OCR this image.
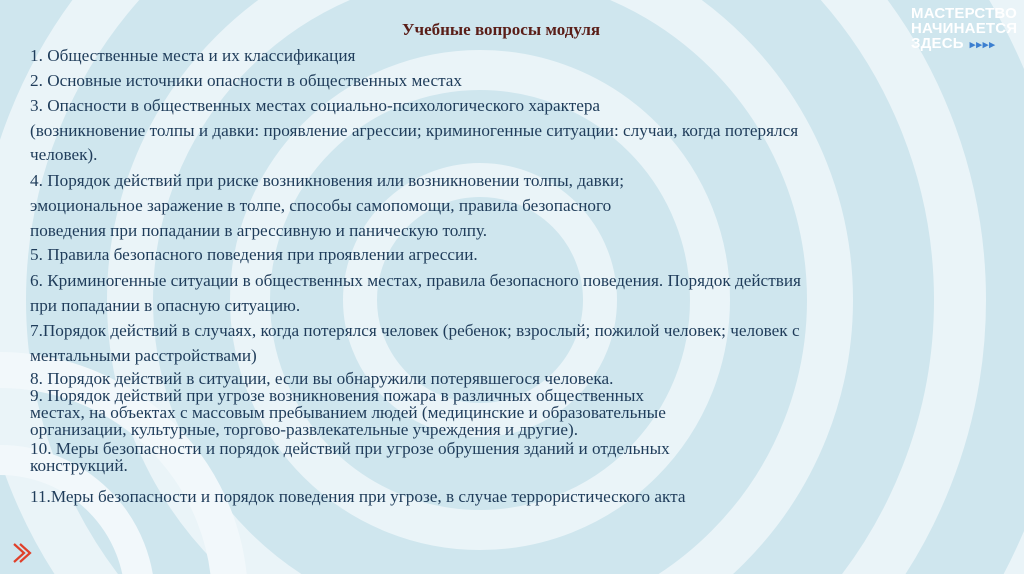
МАСТЕРСТВО
НАЧИНАЕТСЯ
ЗДЕСЬ ▸▸▸▸
Учебные вопросы модуля
1. Общественные места и их классификация
2. Основные источники опасности в общественных местах
3. Опасности в общественных местах социально-психологического характера
(возникновение толпы и давки: проявление агрессии; криминогенные ситуации: случаи, когда потерялся
человек).
4. Порядок действий при риске возникновения или возникновении толпы, давки;
эмоциональное заражение в толпе, способы самопомощи, правила безопасного
поведения при попадании в агрессивную и паническую толпу.
5. Правила безопасного поведения при проявлении агрессии.
6. Криминогенные ситуации в общественных местах, правила безопасного поведения. Порядок действия
при попадании в опасную ситуацию.
7.Порядок действий в случаях, когда потерялся человек (ребенок; взрослый; пожилой человек; человек с
ментальными расстройствами)
8. Порядок действий в ситуации, если вы обнаружили потерявшегося человека.
9. Порядок действий при угрозе возникновения пожара в различных общественных
местах, на объектах с массовым пребыванием людей (медицинские и образовательные
организации, культурные, торгово-развлекательные учреждения и другие).
10. Меры безопасности и порядок действий при угрозе обрушения зданий и отдельных
конструкций.
11.Меры безопасности и порядок поведения при угрозе, в случае террористического акта
